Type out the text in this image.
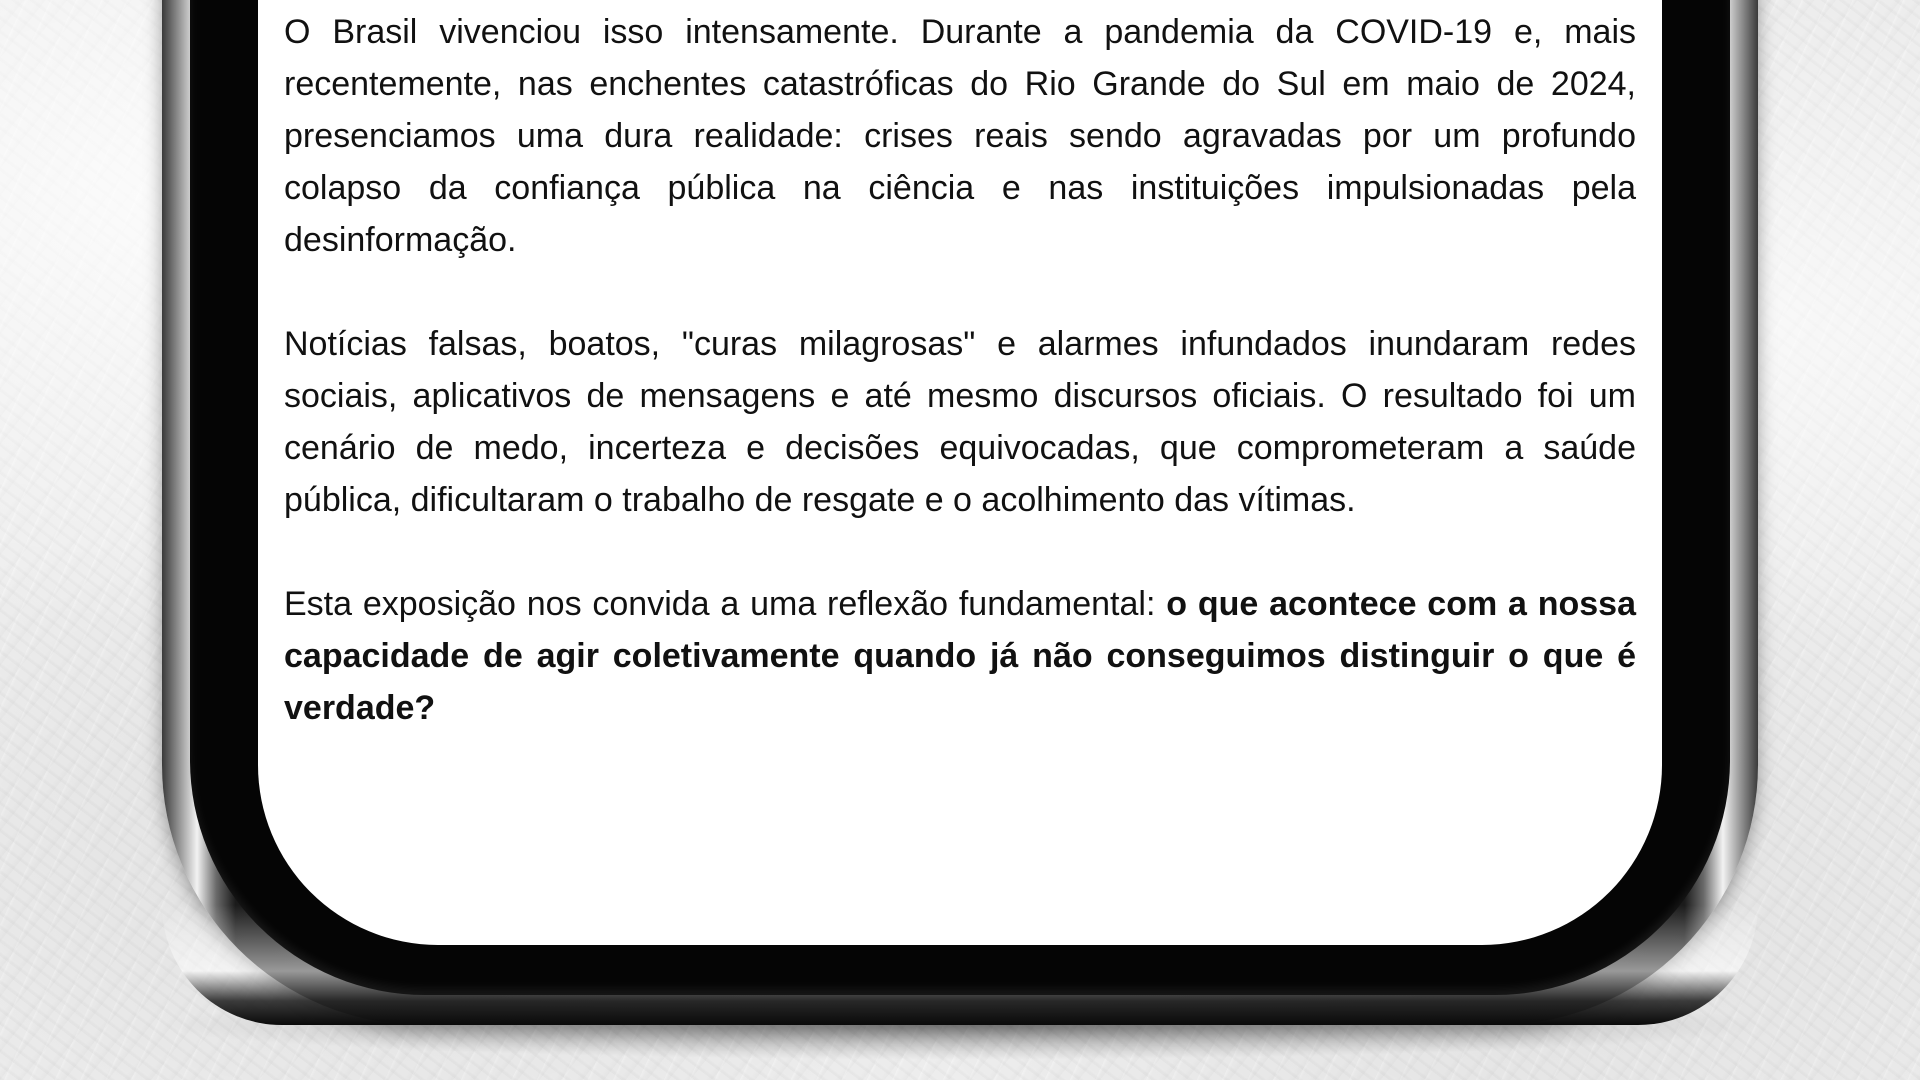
O Brasil vivenciou isso intensamente. Durante a pandemia da COVID-19 e, mais recentemente, nas enchentes catastróficas do Rio Grande do Sul em maio de 2024, presenciamos uma dura realidade: crises reais sendo agravadas por um profundo colapso da confiança pública na ciência e nas instituições impulsionadas pela desinformação.

Notícias falsas, boatos, "curas milagrosas" e alarmes infundados inundaram redes sociais, aplicativos de mensagens e até mesmo discursos oficiais. O resultado foi um cenário de medo, incerteza e decisões equivocadas, que comprometeram a saúde pública, dificultaram o trabalho de resgate e o acolhimento das vítimas.

Esta exposição nos convida a uma reflexão fundamental: o que acontece com a nossa capacidade de agir coletivamente quando já não conseguimos distinguir o que é verdade?
